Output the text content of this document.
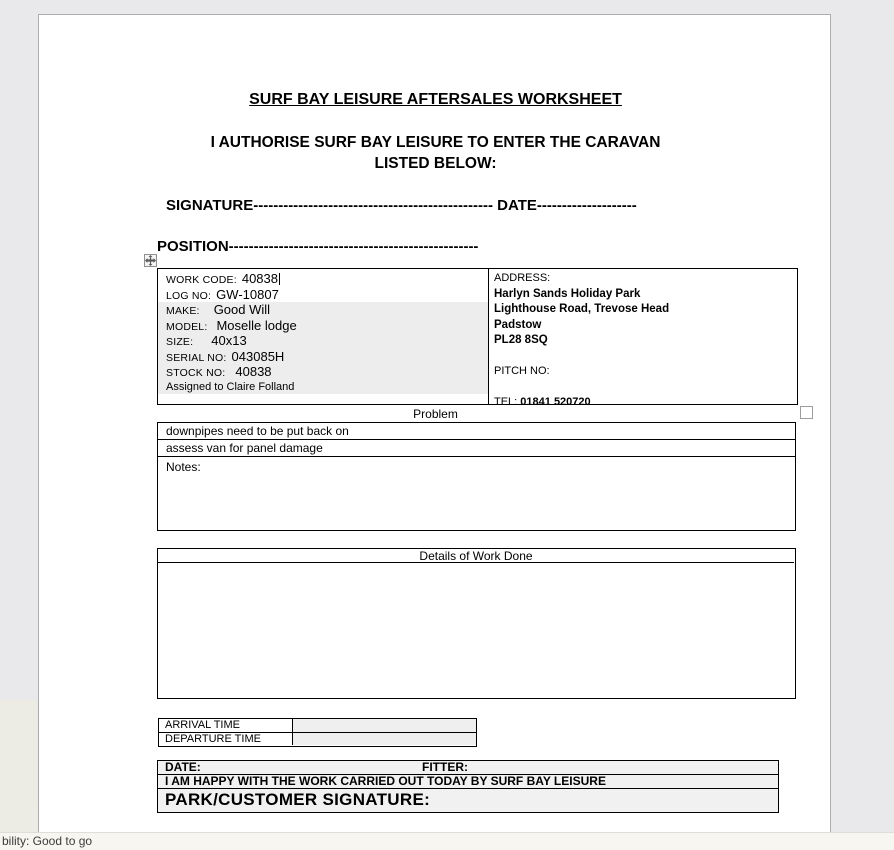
SURF BAY LEISURE AFTERSALES WORKSHEET
I AUTHORISE SURF BAY LEISURE TO ENTER THE CARAVAN
LISTED BELOW:
SIGNATURE------------------------------------------------ DATE--------------------
POSITION--------------------------------------------------
WORK CODE: 40838
LOG NO: GW-10807
MAKE: Good Will
MODEL: Moselle lodge
SIZE: 40x13
SERIAL NO: 043085H
STOCK NO: 40838
Assigned to Claire Folland
ADDRESS:
Harlyn Sands Holiday Park
Lighthouse Road, Trevose Head
Padstow
PL28 8SQ

PITCH NO:

TEL: 01841 520720
Problem
downpipes need to be put back on
assess van for panel damage
Notes:
Details of Work Done
ARRIVAL TIME
DEPARTURE TIME
DATE:	FITTER:
I AM HAPPY WITH THE WORK CARRIED OUT TODAY BY SURF BAY LEISURE
PARK/CUSTOMER SIGNATURE:
bility: Good to go
